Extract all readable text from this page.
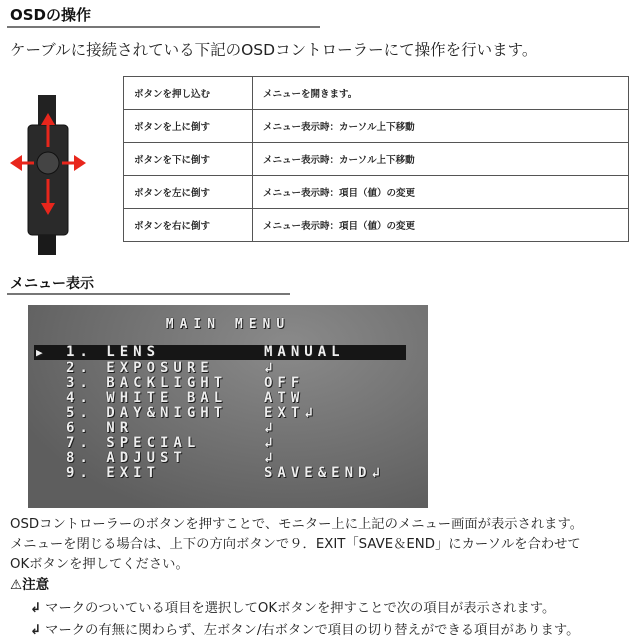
OSDの操作
ケーブルに接続されている下記のOSDコントローラーにて操作を行います。
ボタンを押し込む	メニューを開きます。
ボタンを上に倒す	メニュー表示時：カーソル上下移動
ボタンを下に倒す	メニュー表示時：カーソル上下移動
ボタンを左に倒す	メニュー表示時：項目（値）の変更
ボタンを右に倒す	メニュー表示時：項目（値）の変更
メニュー表示
MAIN MENU
▶ 1. LENS	MANUAL
2. EXPOSURE	↲
3. BACKLIGHT	OFF
4. WHITE BAL	ATW
5. DAY&NIGHT	EXT↲
6. NR	↲
7. SPECIAL	↲
8. ADJUST	↲
9. EXIT	SAVE&END↲
OSDコントローラーのボタンを押すことで、モニター上に上記のメニュー画面が表示されます。
メニューを閉じる場合は、上下の方向ボタンで９．EXIT「SAVE＆END」にカーソルを合わせて
OKボタンを押してください。
⚠注意
↲ マークのついている項目を選択してOKボタンを押すことで次の項目が表示されます。
↲ マークの有無に関わらず、左ボタン/右ボタンで項目の切り替えができる項目があります。
